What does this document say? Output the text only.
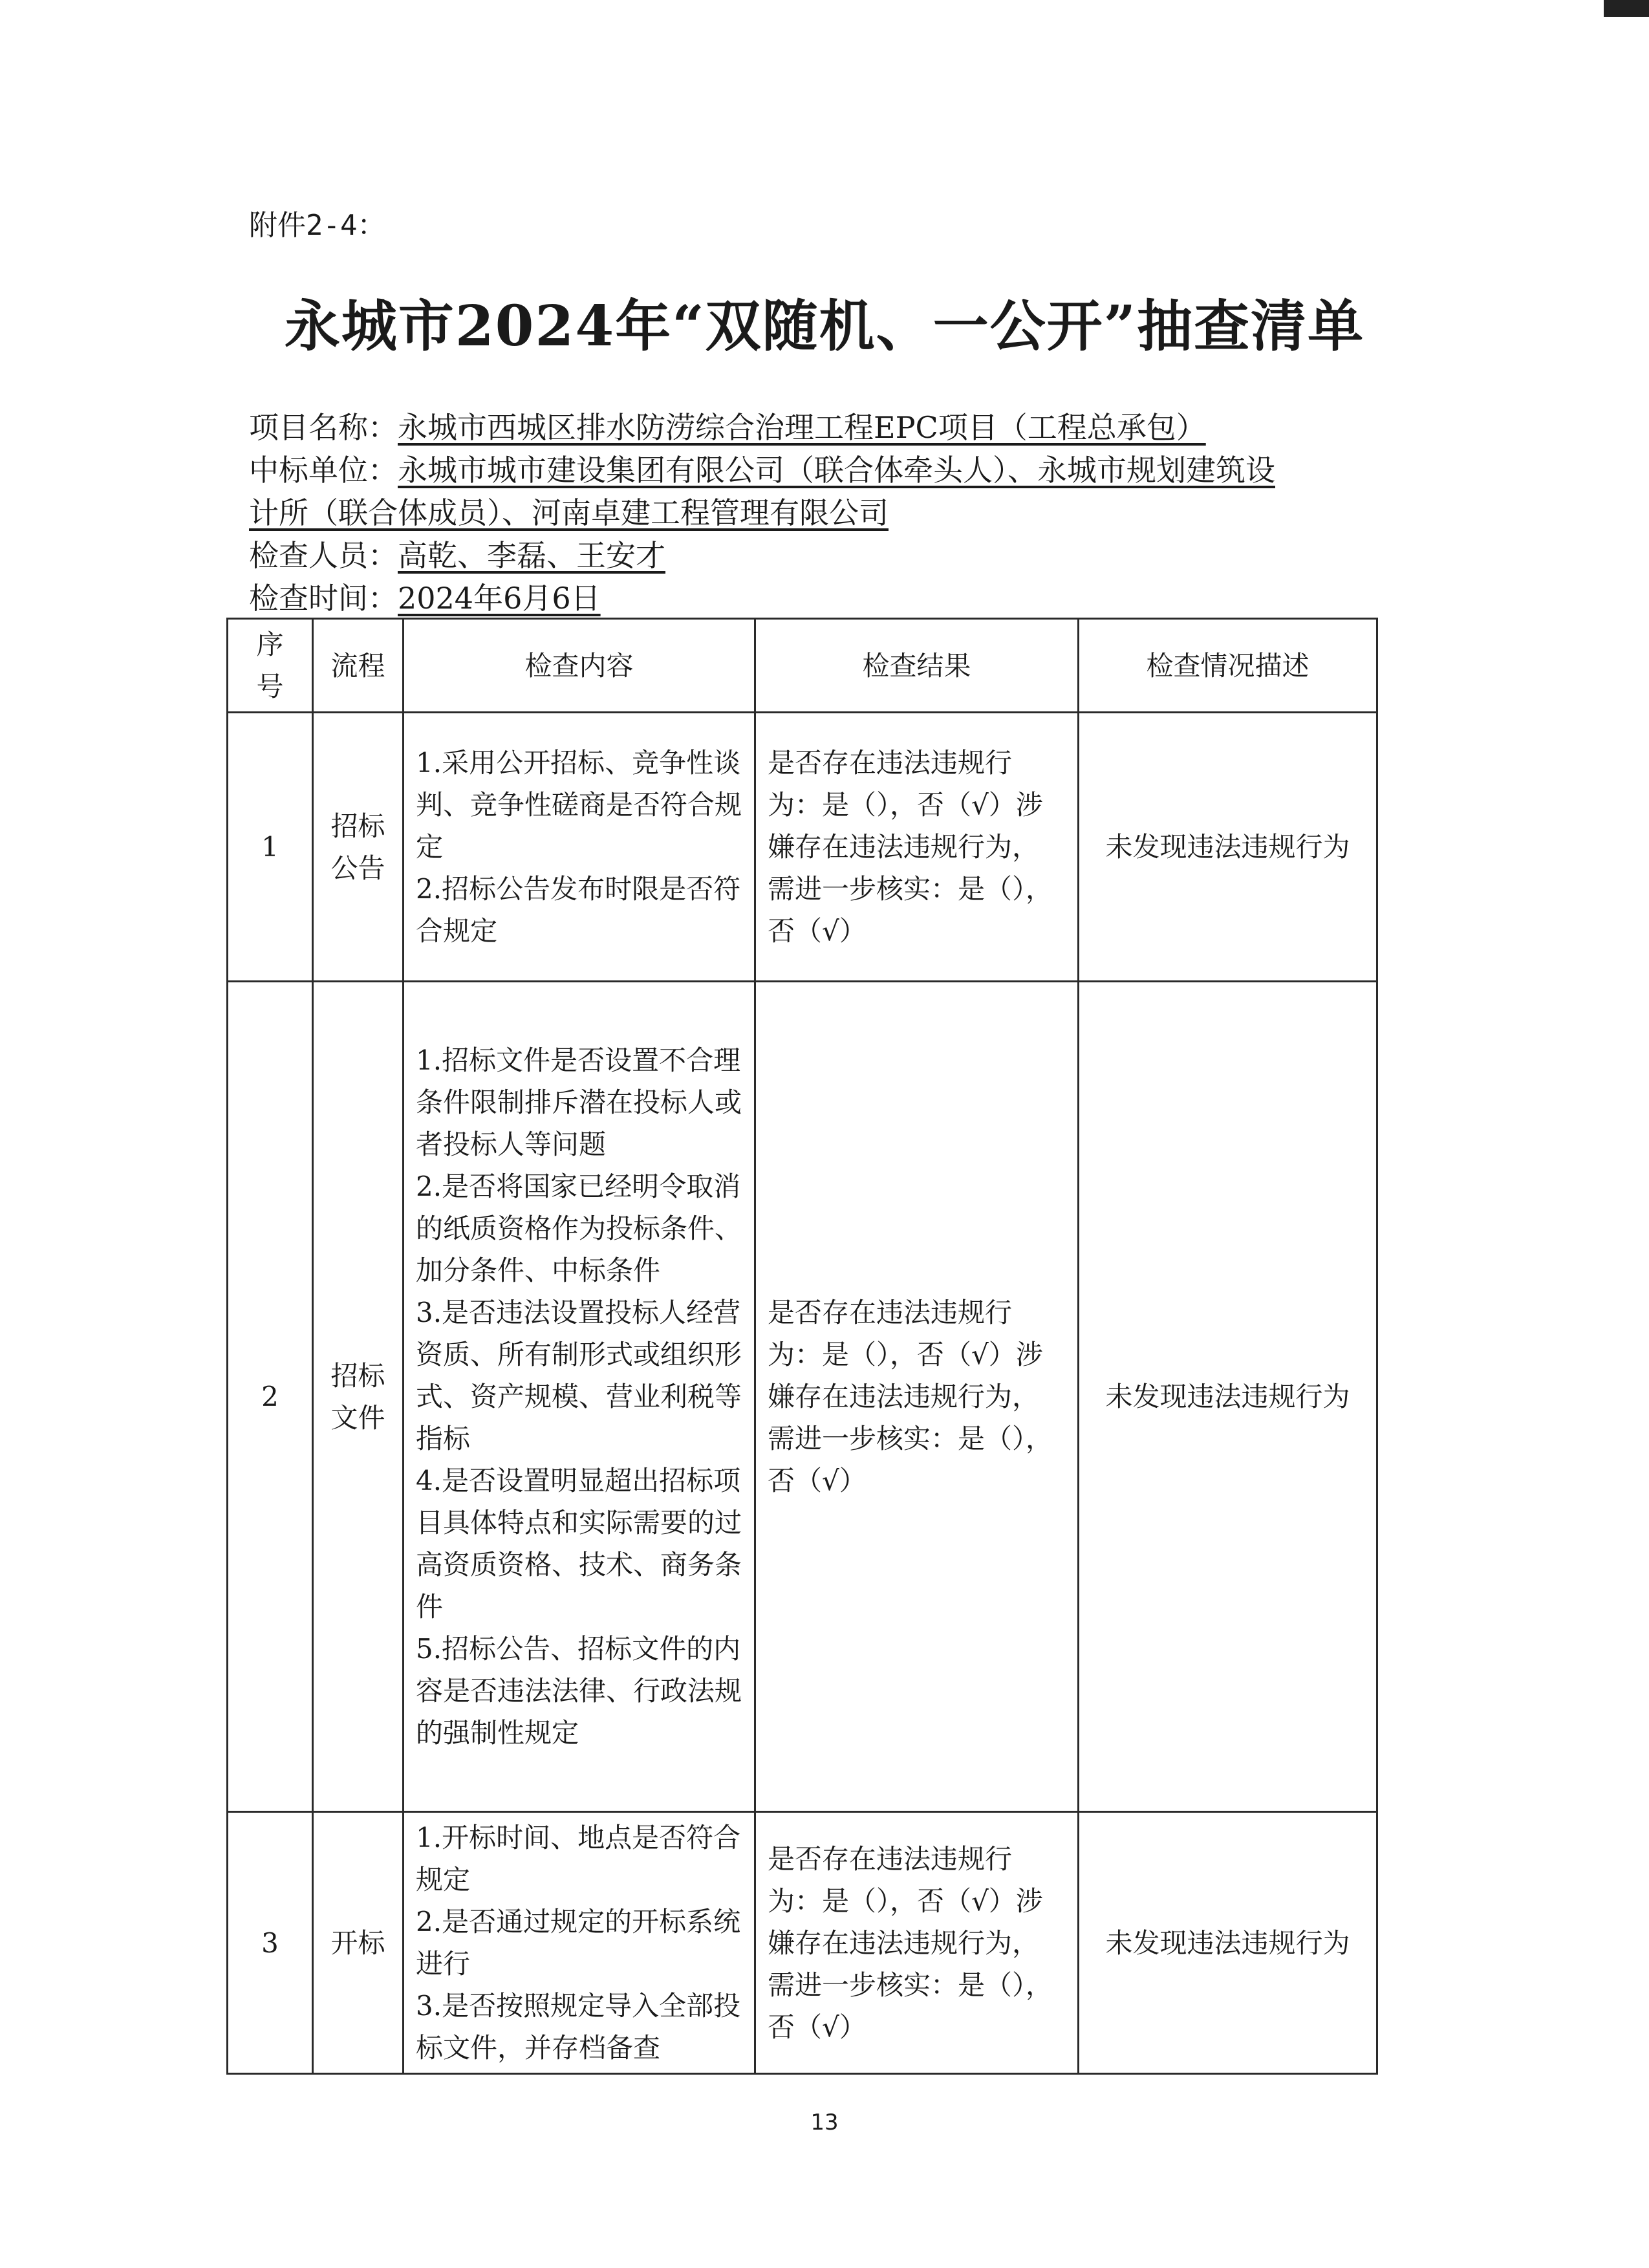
附件2-4：
永城市2024年“双随机、一公开”抽查清单
项目名称：永城市西城区排水防涝综合治理工程EPC项目（工程总承包）
中标单位：永城市城市建设集团有限公司（联合体牵头人）、永城市规划建筑设
计所（联合体成员）、河南卓建工程管理有限公司
检查人员：高乾、李磊、王安才
检查时间：2024年6月6日
序
号	流程	检查内容	检查结果	检查情况描述
1	招标
公告	1.采用公开招标、竞争性谈判、竞争性磋商是否符合规定
2.招标公告发布时限是否符合规定	是否存在违法违规行为：是（），否（√）涉嫌存在违法违规行为，需进一步核实：是（），否（√）	未发现违法违规行为
2	招标
文件	1.招标文件是否设置不合理条件限制排斥潜在投标人或者投标人等问题
2.是否将国家已经明令取消的纸质资格作为投标条件、加分条件、中标条件
3.是否违法设置投标人经营资质、所有制形式或组织形式、资产规模、营业利税等指标
4.是否设置明显超出招标项目具体特点和实际需要的过高资质资格、技术、商务条件
5.招标公告、招标文件的内容是否违法法律、行政法规的强制性规定	是否存在违法违规行为：是（），否（√）涉嫌存在违法违规行为，需进一步核实：是（），否（√）	未发现违法违规行为
3	开标	1.开标时间、地点是否符合规定
2.是否通过规定的开标系统进行
3.是否按照规定导入全部投标文件，并存档备查	是否存在违法违规行为：是（），否（√）涉嫌存在违法违规行为，需进一步核实：是（），否（√）	未发现违法违规行为
13
